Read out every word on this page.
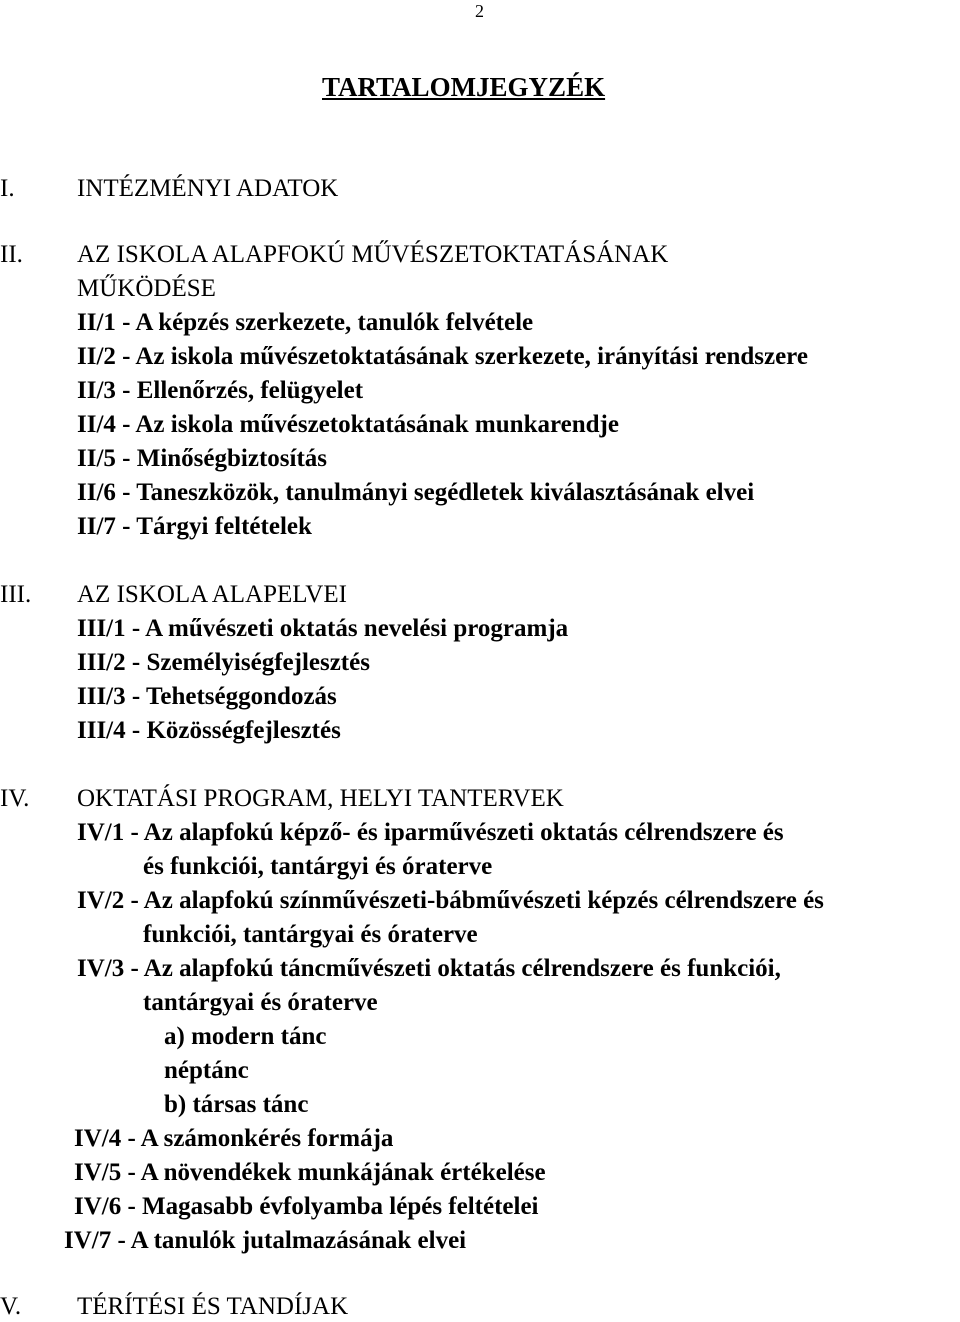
2
TARTALOMJEGYZÉK
I. INTÉZMÉNYI ADATOK
II. AZ ISKOLA ALAPFOKÚ MŰVÉSZETOKTATÁSÁNAK
MŰKÖDÉSE
II/1 - A képzés szerkezete, tanulók felvétele
II/2 - Az iskola művészetoktatásának szerkezete, irányítási rendszere
II/3 - Ellenőrzés, felügyelet
II/4 - Az iskola művészetoktatásának munkarendje
II/5 - Minőségbiztosítás
II/6 - Taneszközök, tanulmányi segédletek kiválasztásának elvei
II/7 - Tárgyi feltételek
III. AZ ISKOLA ALAPELVEI
III/1 - A művészeti oktatás nevelési programja
III/2 - Személyiségfejlesztés
III/3 - Tehetséggondozás
III/4 - Közösségfejlesztés
IV. OKTATÁSI PROGRAM, HELYI TANTERVEK
IV/1 - Az alapfokú képző- és iparművészeti oktatás célrendszere és
és funkciói, tantárgyi és óraterve
IV/2 - Az alapfokú színművészeti-bábművészeti képzés célrendszere és
funkciói, tantárgyai és óraterve
IV/3 - Az alapfokú táncművészeti oktatás célrendszere és funkciói,
tantárgyai és óraterve
a) modern tánc
néptánc
b) társas tánc
IV/4 - A számonkérés formája
IV/5 - A növendékek munkájának értékelése
IV/6 - Magasabb évfolyamba lépés feltételei
IV/7 - A tanulók jutalmazásának elvei
V. TÉRÍTÉSI ÉS TANDÍJAK
